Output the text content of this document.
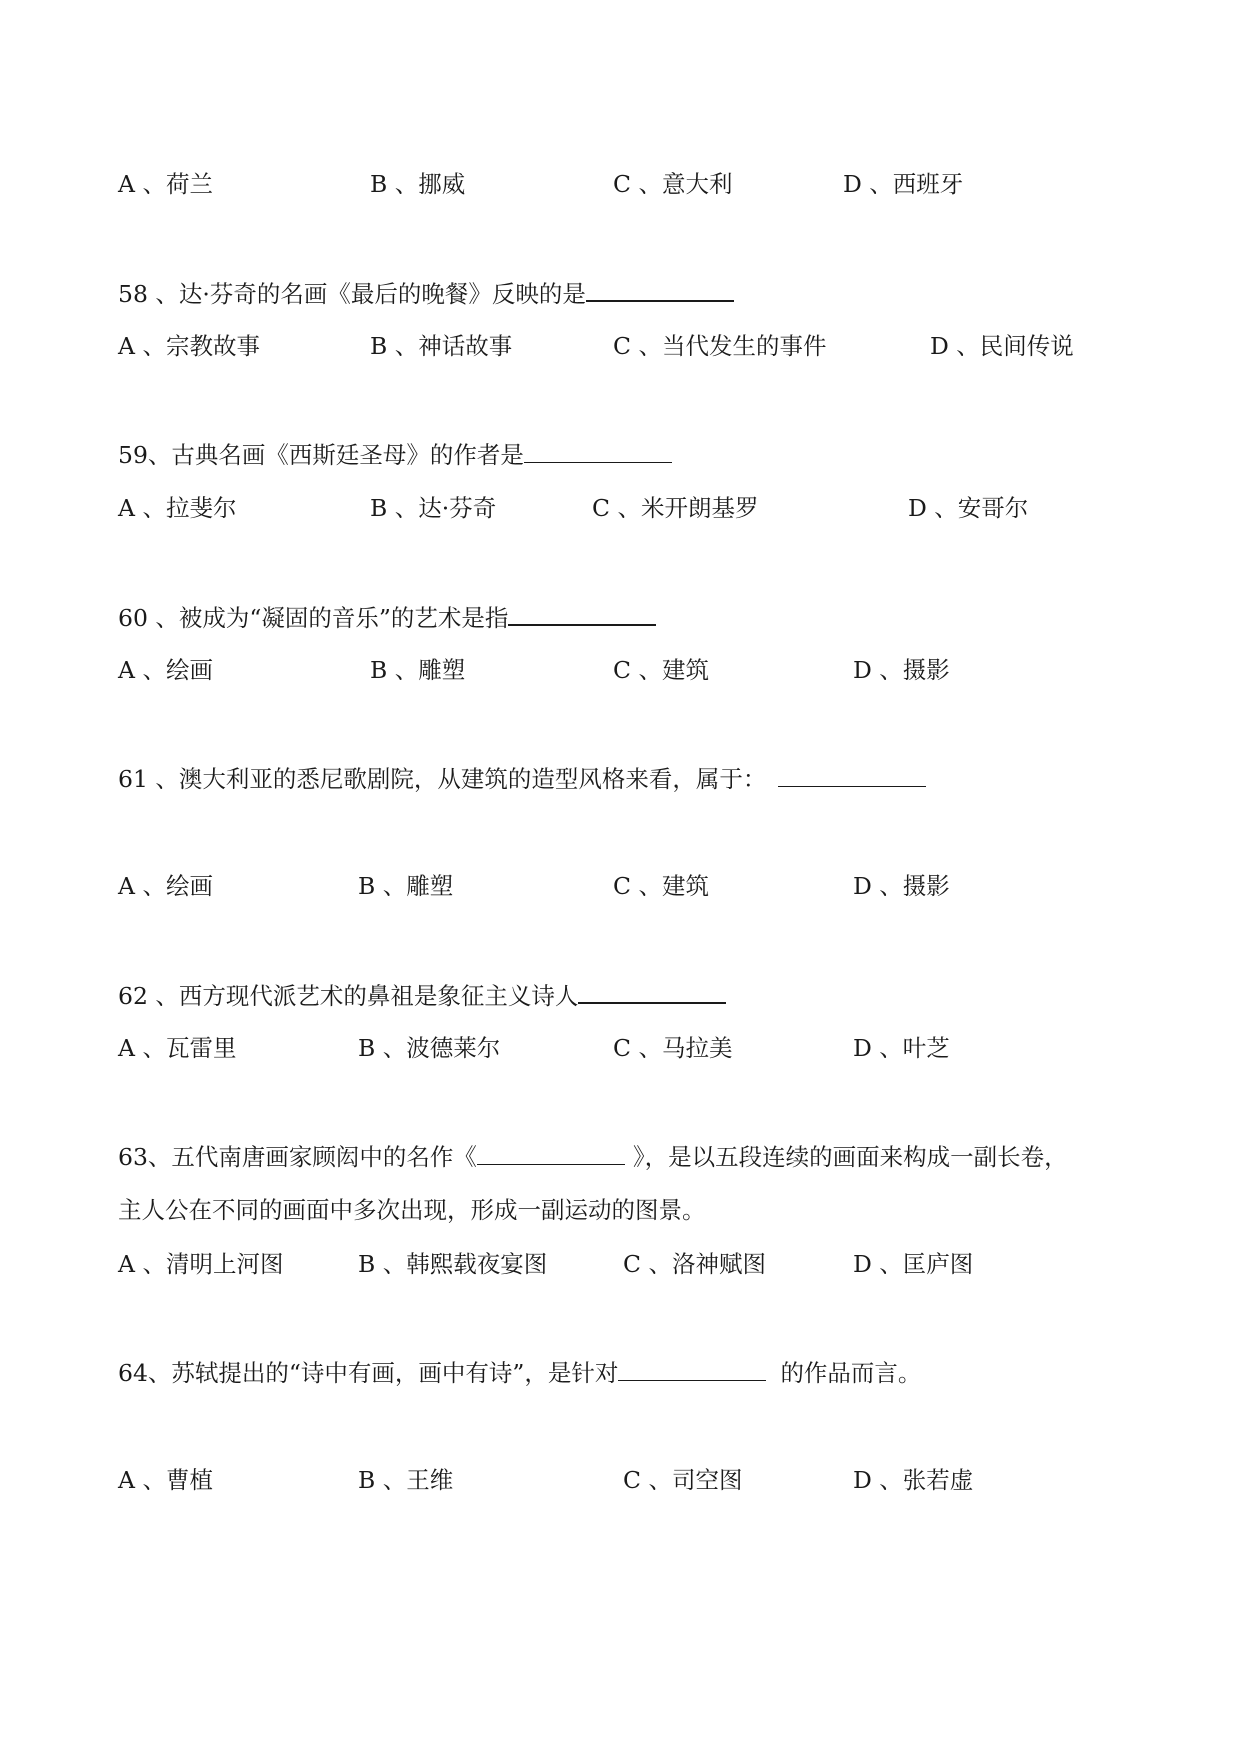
A 、荷兰	B 、挪威	C 、意大利	D 、西班牙
58 、达·芬奇的名画《最后的晚餐》反映的是
A 、宗教故事	B 、神话故事	C 、当代发生的事件	D 、民间传说
59、古典名画《西斯廷圣母》的作者是
A 、拉斐尔	B 、达·芬奇	C 、米开朗基罗	D 、安哥尔
60 、被成为“凝固的音乐”的艺术是指
A 、绘画	B 、雕塑	C 、建筑	D 、摄影
61 、澳大利亚的悉尼歌剧院，从建筑的造型风格来看，属于：
A 、绘画	B 、雕塑	C 、建筑	D 、摄影
62 、西方现代派艺术的鼻祖是象征主义诗人
A 、瓦雷里	B 、波德莱尔	C 、马拉美	D 、叶芝
63、五代南唐画家顾闳中的名作《	》，是以五段连续的画面来构成一副长卷，
主人公在不同的画面中多次出现，形成一副运动的图景。
A 、清明上河图	B 、韩熙载夜宴图	C 、洛神赋图	D 、匡庐图
64、苏轼提出的“诗中有画，画中有诗”，是针对	的作品而言。
A 、曹植	B 、王维	C 、司空图	D 、张若虚
